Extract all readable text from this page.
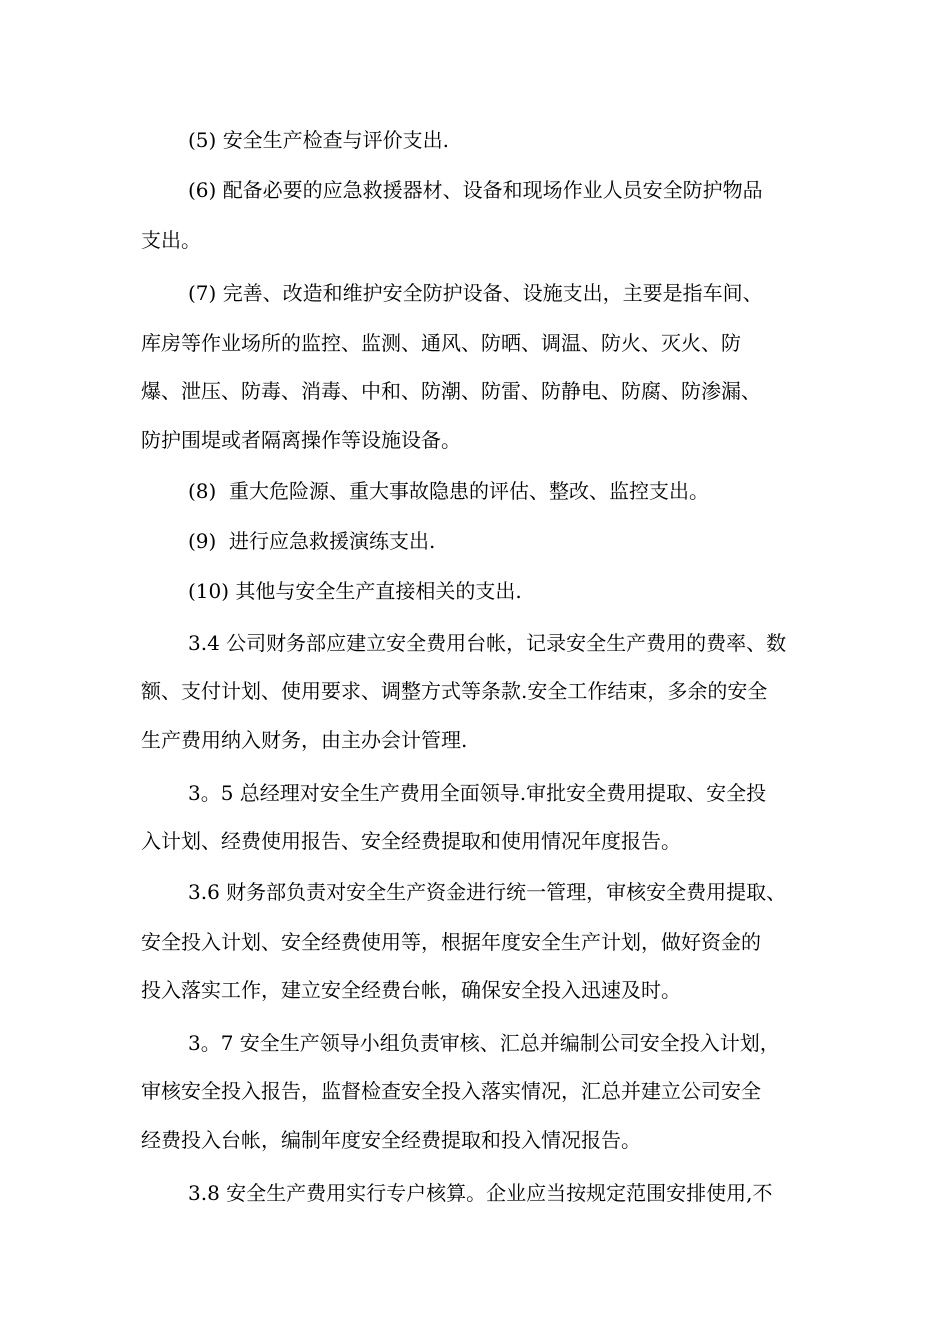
(5) 安全生产检查与评价支出.
(6) 配备必要的应急救援器材、设备和现场作业人员安全防护物品
支出。
(7) 完善、改造和维护安全防护设备、设施支出，主要是指车间、
库房等作业场所的监控、监测、通风、防晒、调温、防火、灭火、防
爆、泄压、防毒、消毒、中和、防潮、防雷、防静电、防腐、防渗漏、
防护围堤或者隔离操作等设施设备。
(8)  重大危险源、重大事故隐患的评估、整改、监控支出。
(9)  进行应急救援演练支出.
(10) 其他与安全生产直接相关的支出.
3.4 公司财务部应建立安全费用台帐，记录安全生产费用的费率、数
额、支付计划、使用要求、调整方式等条款.安全工作结束，多余的安全
生产费用纳入财务，由主办会计管理.
3。5 总经理对安全生产费用全面领导.审批安全费用提取、安全投
入计划、经费使用报告、安全经费提取和使用情况年度报告。
3.6 财务部负责对安全生产资金进行统一管理，审核安全费用提取、
安全投入计划、安全经费使用等，根据年度安全生产计划，做好资金的
投入落实工作，建立安全经费台帐，确保安全投入迅速及时。
3。7 安全生产领导小组负责审核、汇总并编制公司安全投入计划，
审核安全投入报告，监督检查安全投入落实情况，汇总并建立公司安全
经费投入台帐，编制年度安全经费提取和投入情况报告。
3.8 安全生产费用实行专户核算。企业应当按规定范围安排使用,不
